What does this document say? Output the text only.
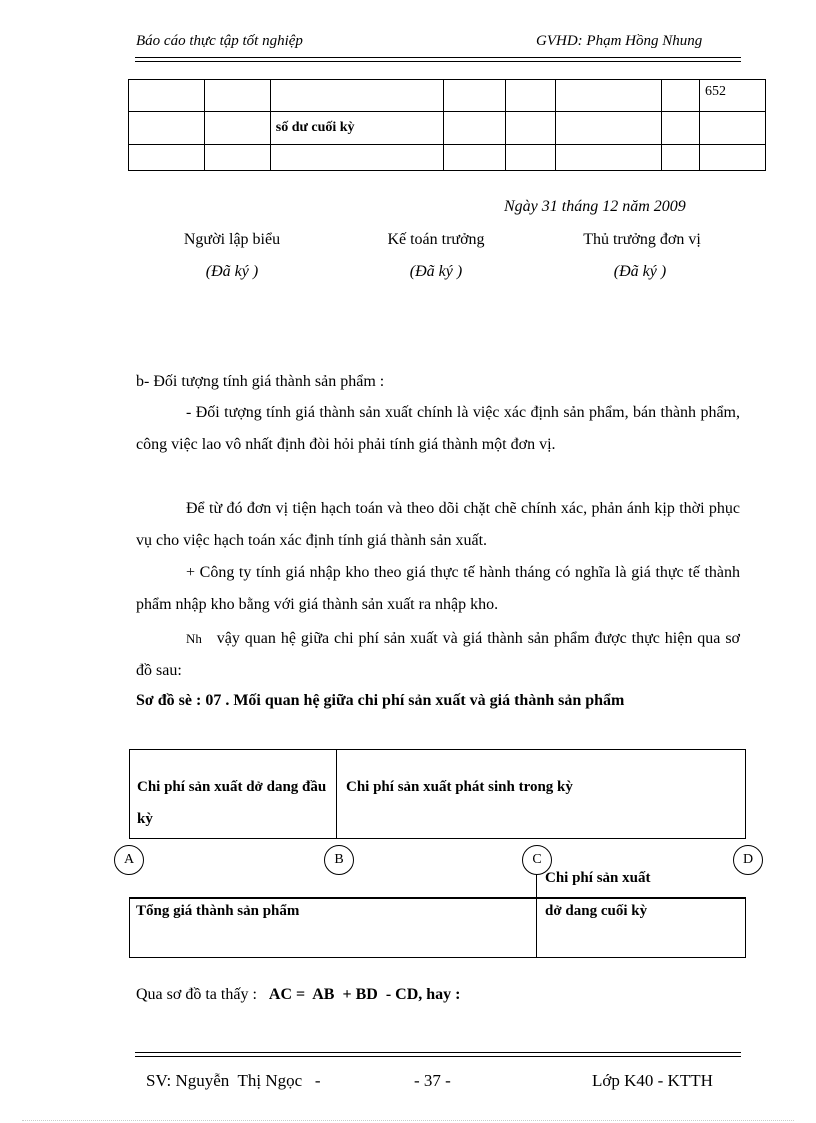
Báo cáo thực tập tốt nghiệp	GVHD: Phạm Hồng Nhung
							652
		số dư cuối kỳ					

Ngày 31 tháng 12 năm 2009
Người lập biểu	Kế toán trưởng	Thủ trưởng đơn vị
(Đã ký )	(Đã ký )	(Đã ký )
b- Đối tượng tính giá thành sản phẩm :
- Đối tượng tính giá thành sản xuất chính là việc xác định sản phẩm, bán thành phẩm, công việc lao vô nhất định đòi hỏi phải tính giá thành một đơn vị.
Để từ đó đơn vị tiện hạch toán và theo dõi chặt chẽ chính xác, phản ánh kịp thời phục vụ cho việc hạch toán xác định tính giá thành sản xuất.
+ Công ty tính giá nhập kho theo giá thực tế hành tháng có nghĩa là giá thực tế thành phẩm nhập kho bằng với giá thành sản xuất ra nhập kho.
Nh vậy quan hệ giữa chi phí sản xuất và giá thành sản phẩm được thực hiện qua sơ đồ sau:
Sơ đồ sè : 07 . Mối quan hệ giữa chi phí sản xuất và giá thành sản phẩm
Chi phí sản xuất dở dang đầu kỳ
Chi phí sản xuất phát sinh trong kỳ
Tổng giá thành sản phẩm
Chi phí sản xuất
dở dang cuối kỳ
A	B	C	D
Qua sơ đồ ta thấy : AC =  AB  + BD - CD, hay :
SV: Nguyễn  Thị Ngọc   -	- 37 -	Lớp K40 - KTTH
